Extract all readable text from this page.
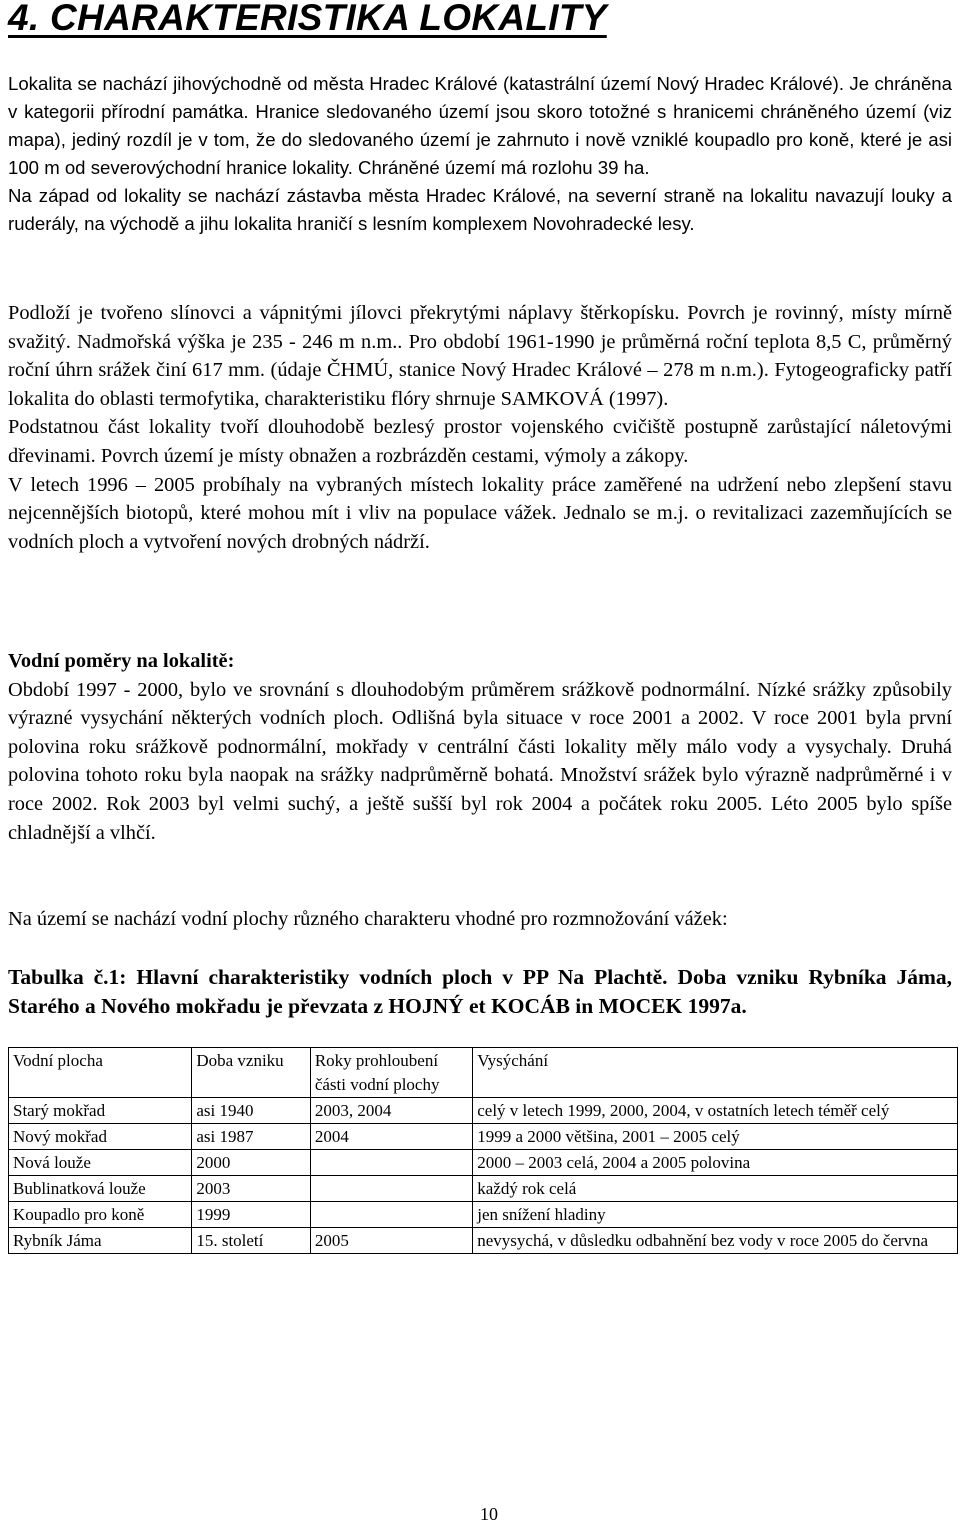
4. CHARAKTERISTIKA LOKALITY

Lokalita se nachází jihovýchodně od města Hradec Králové (katastrální území Nový Hradec Králové). Je chráněna v kategorii přírodní památka. Hranice sledovaného území jsou skoro totožné s hranicemi chráněného území (viz mapa), jediný rozdíl je v tom, že do sledovaného území je zahrnuto i nově vzniklé koupadlo pro koně, které je asi 100 m od severovýchodní hranice lokality. Chráněné území má rozlohu 39 ha.

Na západ od lokality se nachází zástavba města Hradec Králové, na severní straně na lokalitu navazují louky a ruderály, na východě a jihu lokalita hraničí s lesním komplexem Novohradecké lesy.

Podloží je tvořeno slínovci a vápnitými jílovci překrytými náplavy štěrkopísku. Povrch je rovinný, místy mírně svažitý. Nadmořská výška je 235 - 246 m n.m.. Pro období 1961-1990 je průměrná roční teplota 8,5 C, průměrný roční úhrn srážek činí 617 mm. (údaje ČHMÚ, stanice Nový Hradec Králové – 278 m n.m.). Fytogeograficky patří lokalita do oblasti termofytika, charakteristiku flóry shrnuje SAMKOVÁ (1997).

Podstatnou část lokality tvoří dlouhodobě bezlesý prostor vojenského cvičiště postupně zarůstající náletovými dřevinami. Povrch území je místy obnažen a rozbrázděn cestami, výmoly a zákopy.

V letech 1996 – 2005 probíhaly na vybraných místech lokality práce zaměřené na udržení nebo zlepšení stavu nejcennějších biotopů, které mohou mít i vliv na populace vážek. Jednalo se m.j. o revitalizaci zazemňujících se vodních ploch a vytvoření nových drobných nádrží.

Vodní poměry na lokalitě:

Období 1997 - 2000, bylo ve srovnání s dlouhodobým průměrem srážkově podnormální. Nízké srážky způsobily výrazné vysychání některých vodních ploch. Odlišná byla situace v roce 2001 a 2002. V roce 2001 byla první polovina roku srážkově podnormální, mokřady v centrální části lokality měly málo vody a vysychaly. Druhá polovina tohoto roku byla naopak na srážky nadprůměrně bohatá. Množství srážek bylo výrazně nadprůměrné i v roce 2002. Rok 2003 byl velmi suchý, a ještě sušší byl rok 2004 a počátek roku 2005. Léto 2005 bylo spíše chladnější a vlhčí.

Na území se nachází vodní plochy různého charakteru vhodné pro rozmnožování vážek:

Tabulka č.1: Hlavní charakteristiky vodních ploch v PP Na Plachtě. Doba vzniku Rybníka Jáma, Starého a Nového mokřadu je převzata z HOJNÝ et KOCÁB in MOCEK 1997a.

Vodní plocha	Doba vzniku	Roky prohloubení části vodní plochy	Vysýchání
Starý mokřad	asi 1940	2003, 2004	celý v letech 1999, 2000, 2004, v ostatních letech téměř celý
Nový mokřad	asi 1987	2004	1999 a 2000 většina, 2001 – 2005 celý
Nová louže	2000		2000 – 2003 celá, 2004 a 2005 polovina
Bublinatková louže	2003		každý rok celá
Koupadlo pro koně	1999		jen snížení hladiny
Rybník Jáma	15. století	2005	nevysychá, v důsledku odbahnění bez vody v roce 2005 do června
10
